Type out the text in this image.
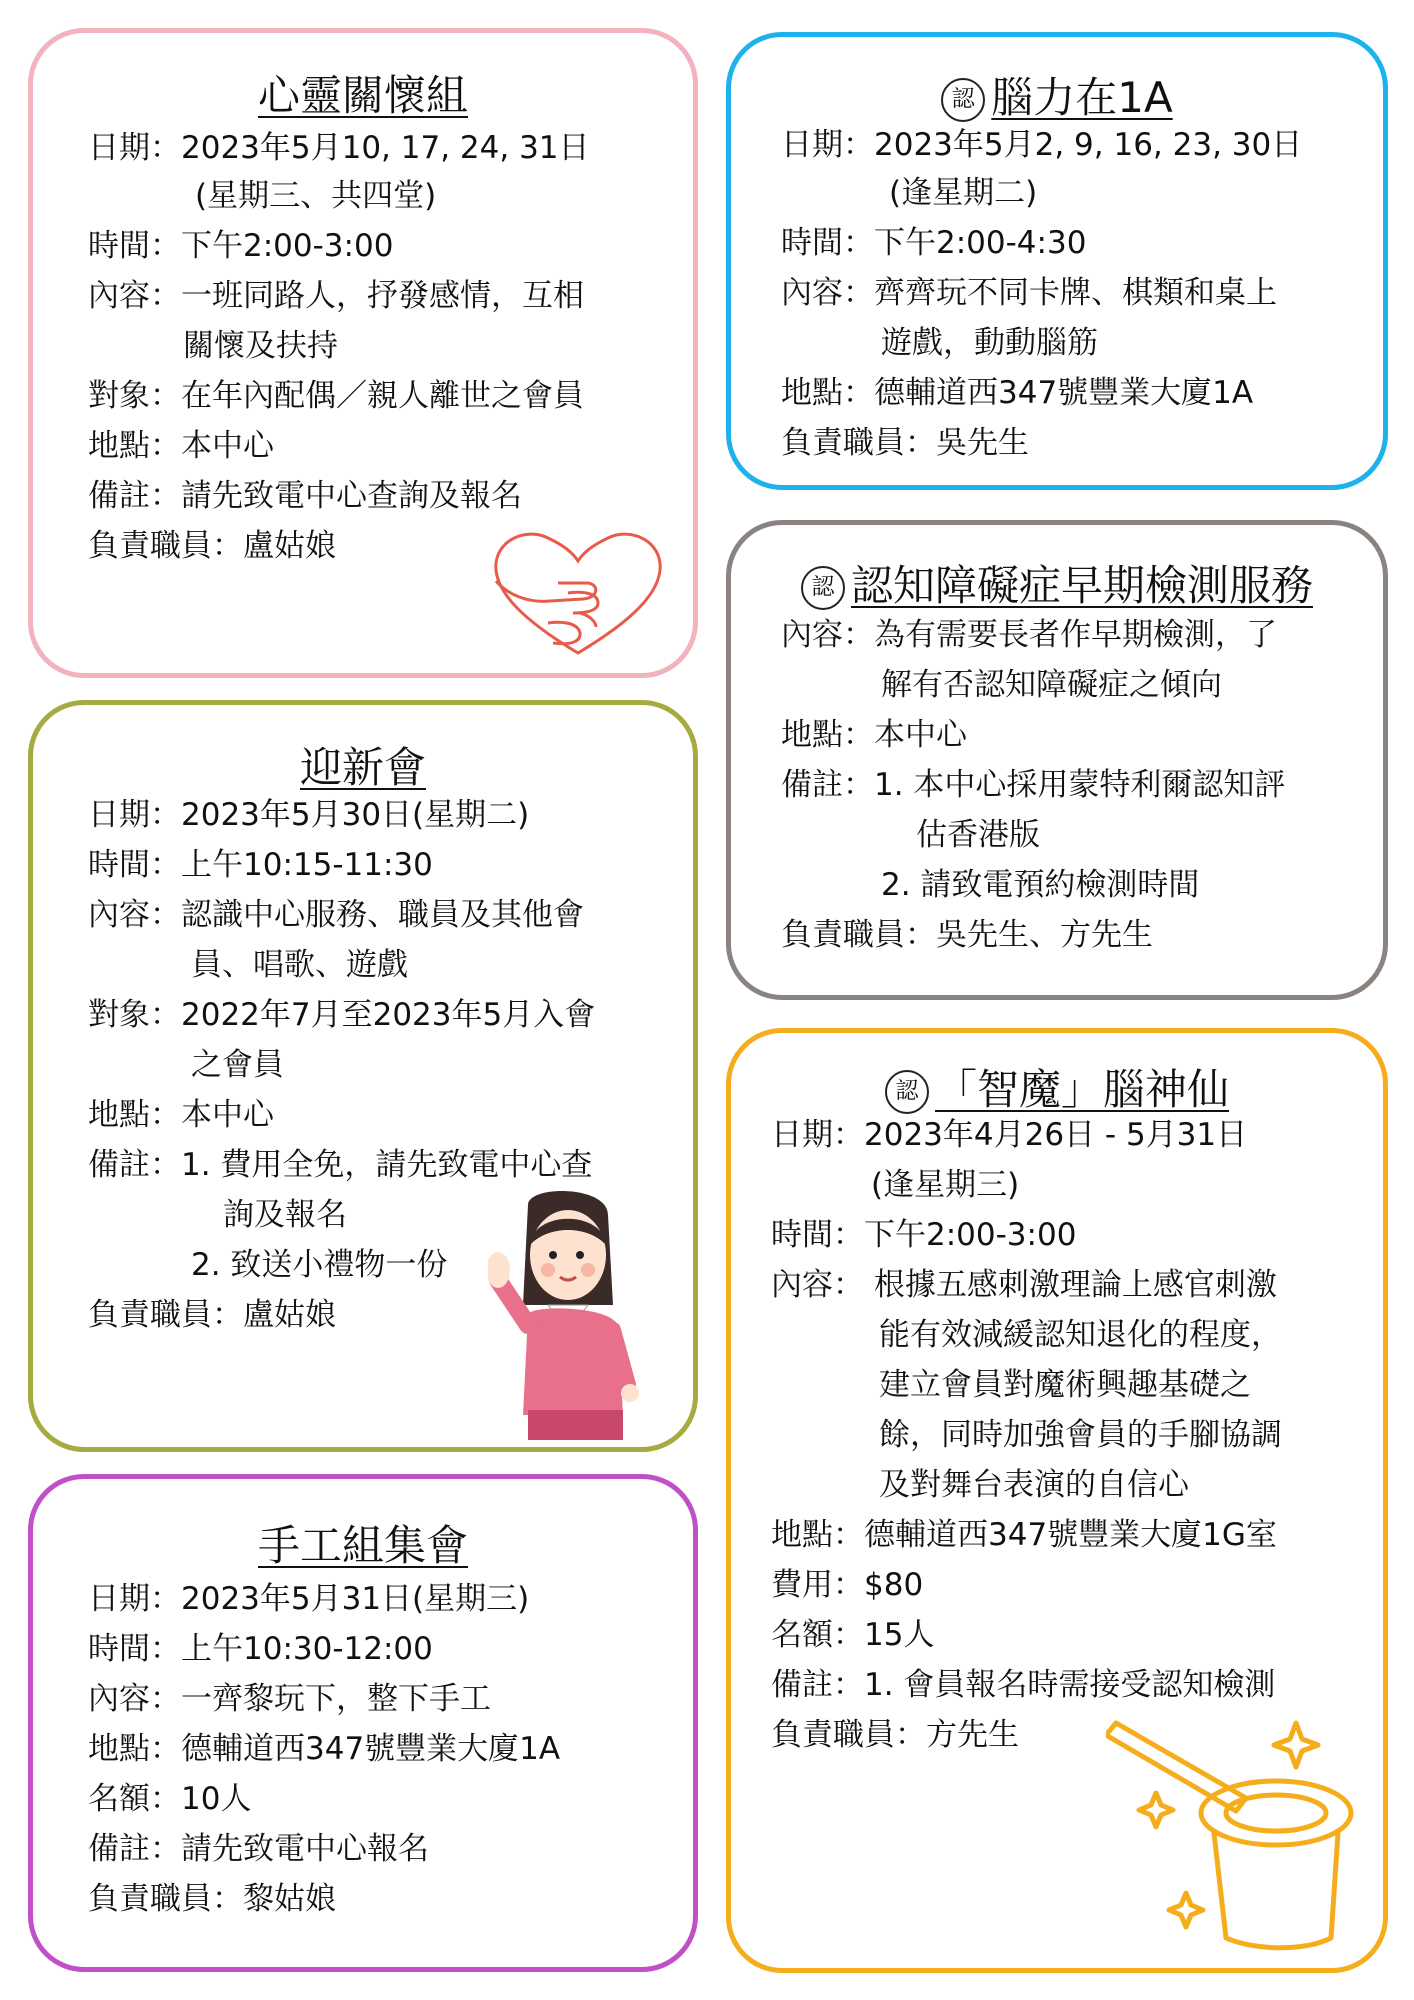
心靈關懷組
日期：2023年5月10, 17, 24, 31日
(星期三、共四堂)
時間：下午2:00-3:00
內容：一班同路人，抒發感情，互相
關懷及扶持
對象：在年內配偶／親人離世之會員
地點：本中心
備註：請先致電中心查詢及報名
負責職員：盧姑娘
認 腦力在1A
日期：2023年5月2, 9, 16, 23, 30日
(逢星期二)
時間：下午2:00-4:30
內容：齊齊玩不同卡牌、棋類和桌上
遊戲，動動腦筋
地點：德輔道西347號豐業大廈1A
負責職員：吳先生
認 認知障礙症早期檢測服務
內容：為有需要長者作早期檢測，了
解有否認知障礙症之傾向
地點：本中心
備註：1. 本中心採用蒙特利爾認知評
估香港版
2. 請致電預約檢測時間
負責職員：吳先生、方先生
迎新會
日期：2023年5月30日(星期二)
時間：上午10:15-11:30
內容：認識中心服務、職員及其他會
員、唱歌、遊戲
對象：2022年7月至2023年5月入會
之會員
地點：本中心
備註：1. 費用全免，請先致電中心查
詢及報名
2. 致送小禮物一份
負責職員：盧姑娘
認 「智魔」腦神仙
日期：2023年4月26日 - 5月31日
(逢星期三)
時間：下午2:00-3:00
內容： 根據五感刺激理論上感官刺激
能有效減緩認知退化的程度，
建立會員對魔術興趣基礎之
餘，同時加強會員的手腳協調
及對舞台表演的自信心
地點：德輔道西347號豐業大廈1G室
費用：$80
名額：15人
備註：1. 會員報名時需接受認知檢測
負責職員：方先生
手工組集會
日期：2023年5月31日(星期三)
時間：上午10:30-12:00
內容：一齊黎玩下，整下手工
地點：德輔道西347號豐業大廈1A
名額：10人
備註：請先致電中心報名
負責職員：黎姑娘
